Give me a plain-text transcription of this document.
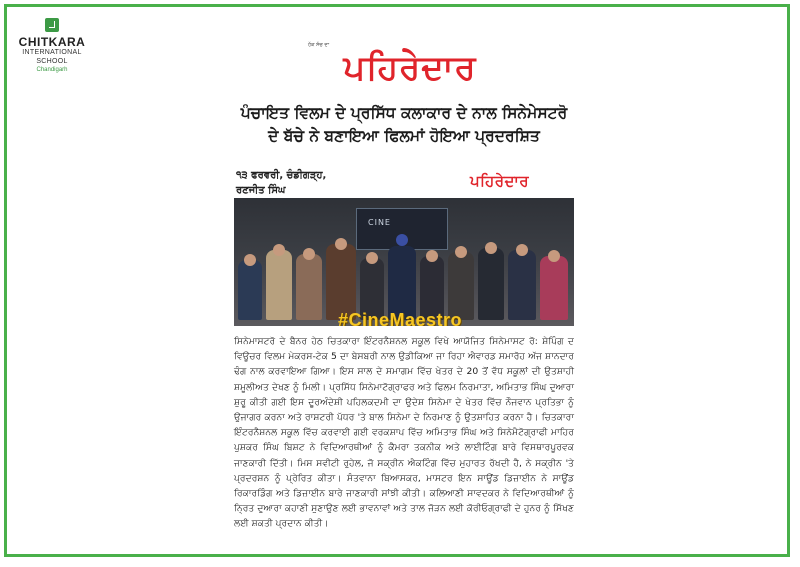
CHITKARA
INTERNATIONAL
SCHOOL
Chandigarh
ਹੱਕ ਸੱਚ ਦਾ
ਪਹਿਰੇਦਾਰ
ਪੰਚਾਇਤ ਵਿਲਮ ਦੇ ਪ੍ਰਸਿੱਧ ਕਲਾਕਾਰ ਦੇ ਨਾਲ ਸਿਨੇਮੇਸਟਰੋ ਦੇ ਬੱਚੇ ਨੇ ਬਣਾਇਆ ਫਿਲਮਾਂ ਹੋਇਆ ਪ੍ਰਦਰਸ਼ਿਤ
੧੩ ਫਰਵਰੀ, ਚੰਡੀਗੜ੍ਹ,
ਰਣਜੀਤ ਸਿੰਘ
ਪਹਿਰੇਦਾਰ
CINE
#CineMaestro
ਸਿਨੇਮਾਸਟਰੋ ਦੇ ਬੈਨਰ ਹੇਠ ਚਿਤਕਾਰਾ ਇੰਟਰਨੈਸ਼ਨਲ ਸਕੂਲ ਵਿਖੇ ਆਯੋਜਿਤ ਸਿਨੇਮਾਸਟ ਰੋ: ਸ਼ੇਪਿੰਗ ਦ ਵਿਊਚਰ ਵਿਲਮ ਮੇਕਰਸ-ਟੇਕ 5 ਦਾ ਬੇਸਬਰੀ ਨਾਲ ਉਡੀਕਿਆ ਜਾ ਰਿਹਾ ਐਵਾਰਡ ਸਮਾਰੋਹ ਅੱਜ ਸ਼ਾਨਦਾਰ ਢੰਗ ਨਾਲ ਕਰਵਾਇਆ ਗਿਆ। ਇਸ ਸਾਲ ਦੇ ਸਮਾਗਮ ਵਿੱਚ ਖੇਤਰ ਦੇ 20 ਤੋਂ ਵੱਧ ਸਕੂਲਾਂ ਦੀ ਉਤਸ਼ਾਹੀ ਸ਼ਮੂਲੀਅਤ ਦੇਖਣ ਨੂੰ ਮਿਲੀ। ਪ੍ਰਸਿੱਧ ਸਿਨੇਮਾਟੋਗ੍ਰਾਫਰ ਅਤੇ ਫਿਲਮ ਨਿਰਮਾਤਾ, ਅਮਿਤਾਭ ਸਿੰਘ ਦੁਆਰਾ ਸ਼ੁਰੂ ਕੀਤੀ ਗਈ ਇਸ ਦੂਰਅੰਦੇਸ਼ੀ ਪਹਿਲਕਦਮੀ ਦਾ ਉਦੇਸ਼ ਸਿਨੇਮਾ ਦੇ ਖੇਤਰ ਵਿੱਚ ਨੌਜਵਾਨ ਪ੍ਰਤਿਭਾ ਨੂੰ ਉਜਾਗਰ ਕਰਨਾ ਅਤੇ ਰਾਸ਼ਟਰੀ ਪੱਧਰ 'ਤੇ ਬਾਲ ਸਿਨੇਮਾ ਦੇ ਨਿਰਮਾਣ ਨੂੰ ਉਤਸ਼ਾਹਿਤ ਕਰਨਾ ਹੈ। ਚਿਤਕਾਰਾ ਇੰਟਰਨੈਸ਼ਨਲ ਸਕੂਲ ਵਿੱਚ ਕਰਵਾਈ ਗਈ ਵਰਕਸ਼ਾਪ ਵਿੱਚ ਅਮਿਤਾਭ ਸਿੰਘ ਅਤੇ ਸਿਨੇਮੈਟੋਗ੍ਰਾਫੀ ਮਾਹਿਰ ਪੁਸ਼ਕਰ ਸਿੰਘ ਬਿਸ਼ਟ ਨੇ ਵਿਦਿਆਰਥੀਆਂ ਨੂੰ ਕੈਮਰਾ ਤਕਨੀਕ ਅਤੇ ਲਾਈਟਿੰਗ ਬਾਰੇ ਵਿਸਥਾਰਪੂਰਵਕ ਜਾਣਕਾਰੀ ਦਿੱਤੀ। ਮਿਸ ਸਵੀਟੀ ਰੁਹੇਲ, ਜੋ ਸਕ੍ਰੀਨ ਐਕਟਿੰਗ ਵਿੱਚ ਮੁਹਾਰਤ ਰੱਖਦੀ ਹੈ, ਨੇ ਸਕ੍ਰੀਨ 'ਤੇ ਪ੍ਰਦਰਸ਼ਨ ਨੂੰ ਪ੍ਰੇਰਿਤ ਕੀਤਾ। ਸੰਤਵਾਨਾ ਬਿਆਸਕਰ, ਮਾਸਟਰ ਇਨ ਸਾਊਂਡ ਡਿਜ਼ਾਈਨ ਨੇ ਸਾਊਂਡ ਰਿਕਾਰਡਿੰਗ ਅਤੇ ਡਿਜ਼ਾਈਨ ਬਾਰੇ ਜਾਣਕਾਰੀ ਸਾਂਝੀ ਕੀਤੀ। ਕਲਿਆਣੀ ਸਾਵਦਕਰ ਨੇ ਵਿਦਿਆਰਥੀਆਂ ਨੂੰ ਨ੍ਰਿਤ ਦੁਆਰਾ ਕਹਾਣੀ ਸੁਣਾਉਣ ਲਈ ਭਾਵਨਾਵਾਂ ਅਤੇ ਤਾਲ ਜੋੜਨ ਲਈ ਕੋਰੀਓਗ੍ਰਾਫੀ ਦੇ ਹੁਨਰ ਨੂੰ ਸਿੱਖਣ ਲਈ ਸ਼ਕਤੀ ਪ੍ਰਦਾਨ ਕੀਤੀ।
